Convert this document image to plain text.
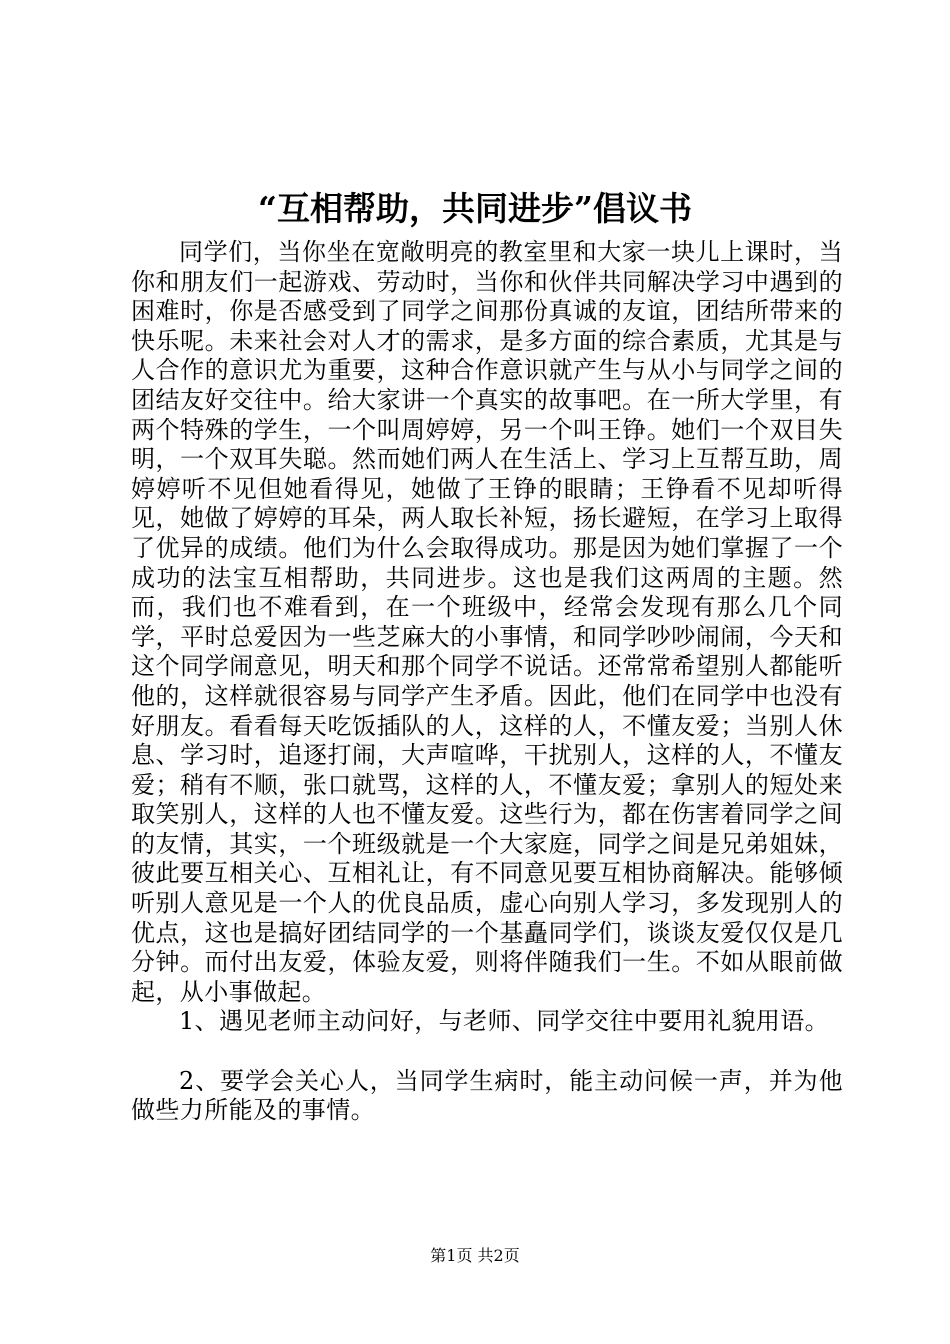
“互相帮助，共同进步”倡议书

同学们，当你坐在宽敞明亮的教室里和大家一块儿上课时，当你和朋友们一起游戏、劳动时，当你和伙伴共同解决学习中遇到的困难时，你是否感受到了同学之间那份真诚的友谊，团结所带来的快乐呢。未来社会对人才的需求，是多方面的综合素质，尤其是与人合作的意识尤为重要，这种合作意识就产生与从小与同学之间的团结友好交往中。给大家讲一个真实的故事吧。在一所大学里，有两个特殊的学生，一个叫周婷婷，另一个叫王铮。她们一个双目失明，一个双耳失聪。然而她们两人在生活上、学习上互帮互助，周婷婷听不见但她看得见，她做了王铮的眼睛；王铮看不见却听得见，她做了婷婷的耳朵，两人取长补短，扬长避短，在学习上取得了优异的成绩。他们为什么会取得成功。那是因为她们掌握了一个成功的法宝互相帮助，共同进步。这也是我们这两周的主题。然而，我们也不难看到，在一个班级中，经常会发现有那么几个同学，平时总爱因为一些芝麻大的小事情，和同学吵吵闹闹，今天和这个同学闹意见，明天和那个同学不说话。还常常希望别人都能听他的，这样就很容易与同学产生矛盾。因此，他们在同学中也没有好朋友。看看每天吃饭插队的人，这样的人，不懂友爱；当别人休息、学习时，追逐打闹，大声喧哗，干扰别人，这样的人，不懂友爱；稍有不顺，张口就骂，这样的人，不懂友爱；拿别人的短处来取笑别人，这样的人也不懂友爱。这些行为，都在伤害着同学之间的友情，其实，一个班级就是一个大家庭，同学之间是兄弟姐妹，彼此要互相关心、互相礼让，有不同意见要互相协商解决。能够倾听别人意见是一个人的优良品质，虚心向别人学习，多发现别人的优点，这也是搞好团结同学的一个基矗同学们，谈谈友爱仅仅是几分钟。而付出友爱，体验友爱，则将伴随我们一生。不如从眼前做起，从小事做起。

1、遇见老师主动问好，与老师、同学交往中要用礼貌用语。

2、要学会关心人，当同学生病时，能主动问候一声，并为他做些力所能及的事情。

第1页 共2页
